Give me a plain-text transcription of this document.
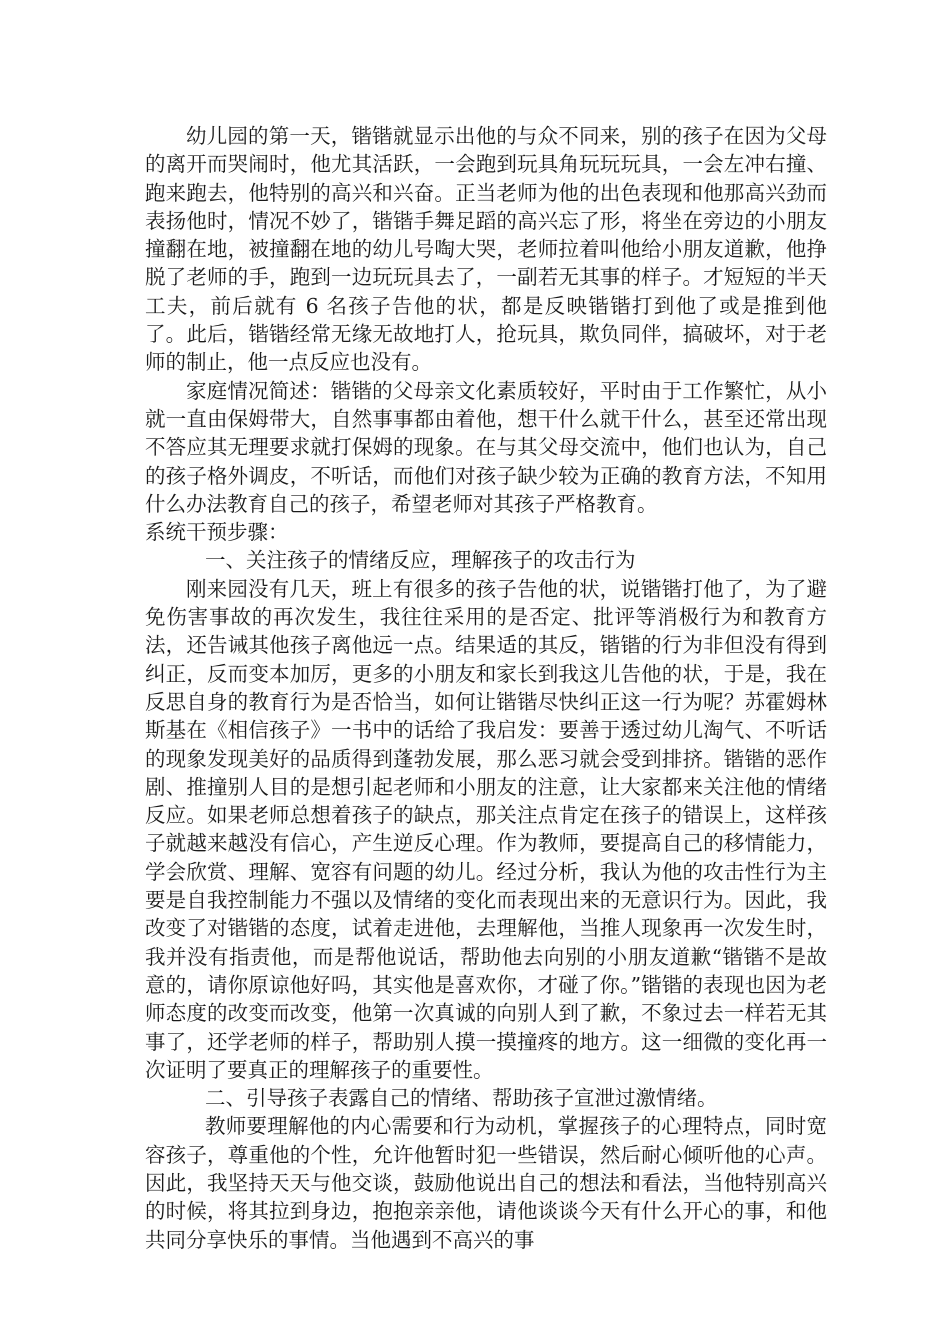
幼儿园的第一天，锴锴就显示出他的与众不同来，别的孩子在因为父母的离开而哭闹时，他尤其活跃，一会跑到玩具角玩玩玩具，一会左冲右撞、跑来跑去，他特别的高兴和兴奋。正当老师为他的出色表现和他那高兴劲而表扬他时，情况不妙了，锴锴手舞足蹈的高兴忘了形，将坐在旁边的小朋友撞翻在地，被撞翻在地的幼儿号啕大哭，老师拉着叫他给小朋友道歉，他挣脱了老师的手，跑到一边玩玩具去了，一副若无其事的样子。才短短的半天工夫，前后就有 6 名孩子告他的状，都是反映锴锴打到他了或是推到他了。此后，锴锴经常无缘无故地打人，抢玩具，欺负同伴，搞破坏，对于老师的制止，他一点反应也没有。

家庭情况简述：锴锴的父母亲文化素质较好，平时由于工作繁忙，从小就一直由保姆带大，自然事事都由着他，想干什么就干什么，甚至还常出现不答应其无理要求就打保姆的现象。在与其父母交流中，他们也认为，自己的孩子格外调皮，不听话，而他们对孩子缺少较为正确的教育方法，不知用什么办法教育自己的孩子，希望老师对其孩子严格教育。

系统干预步骤：

一、关注孩子的情绪反应，理解孩子的攻击行为

刚来园没有几天，班上有很多的孩子告他的状，说锴锴打他了，为了避免伤害事故的再次发生，我往往采用的是否定、批评等消极行为和教育方法，还告诫其他孩子离他远一点。结果适的其反，锴锴的行为非但没有得到纠正，反而变本加厉，更多的小朋友和家长到我这儿告他的状，于是，我在反思自身的教育行为是否恰当，如何让锴锴尽快纠正这一行为呢？苏霍姆林斯基在《相信孩子》一书中的话给了我启发：要善于透过幼儿淘气、不听话的现象发现美好的品质得到蓬勃发展，那么恶习就会受到排挤。锴锴的恶作剧、推撞别人目的是想引起老师和小朋友的注意，让大家都来关注他的情绪反应。如果老师总想着孩子的缺点，那关注点肯定在孩子的错误上，这样孩子就越来越没有信心，产生逆反心理。作为教师，要提高自己的移情能力，学会欣赏、理解、宽容有问题的幼儿。经过分析，我认为他的攻击性行为主要是自我控制能力不强以及情绪的变化而表现出来的无意识行为。因此，我改变了对锴锴的态度，试着走进他，去理解他，当推人现象再一次发生时，我并没有指责他，而是帮他说话，帮助他去向别的小朋友道歉“锴锴不是故意的，请你原谅他好吗，其实他是喜欢你，才碰了你。”锴锴的表现也因为老师态度的改变而改变，他第一次真诚的向别人到了歉，不象过去一样若无其事了，还学老师的样子，帮助别人摸一摸撞疼的地方。这一细微的变化再一次证明了要真正的理解孩子的重要性。

二、引导孩子表露自己的情绪、帮助孩子宣泄过激情绪。

教师要理解他的内心需要和行为动机，掌握孩子的心理特点，同时宽容孩子，尊重他的个性，允许他暂时犯一些错误，然后耐心倾听他的心声。因此，我坚持天天与他交谈，鼓励他说出自己的想法和看法，当他特别高兴的时候，将其拉到身边，抱抱亲亲他，请他谈谈今天有什么开心的事，和他共同分享快乐的事情。当他遇到不高兴的事
